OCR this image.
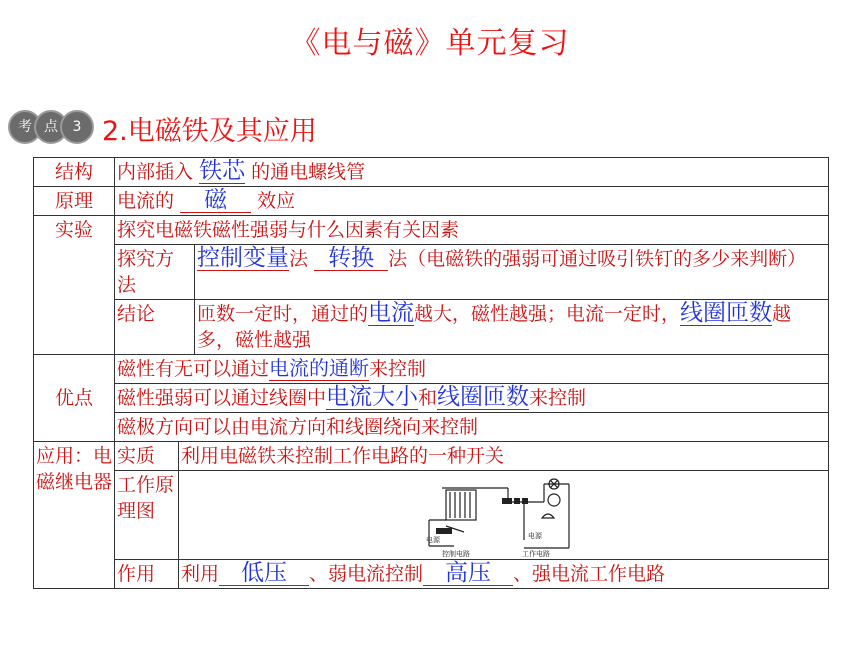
《电与磁》单元复习
考 点	3 2.电磁铁及其应用
结构	内部插入 铁芯 的通电螺线管		
原理	电流的 磁 效应		
实验	探究电磁铁磁性强弱与什么因素有关因素		
	探究方法		控制变量法 转换 法（电磁铁的强弱可通过吸引铁钉的多少来判断）
	结论		匝数一定时，通过的电流越大，磁性越强；电流一定时，线圈匝数越多，磁性越强
优点	磁性有无可以通过电流的通断来控制		
	磁性强弱可以通过线圈中电流大小和线圈匝数来控制		
	磁极方向可以由电流方向和线圈绕向来控制		
应用：电磁继电器	实质	利用电磁铁来控制工作电路的一种开关	
	工作原理图	电源
控制电路
电源
工作电路	

	作用	利用 低压 、弱电流控制 高压 、强电流工作电路	
